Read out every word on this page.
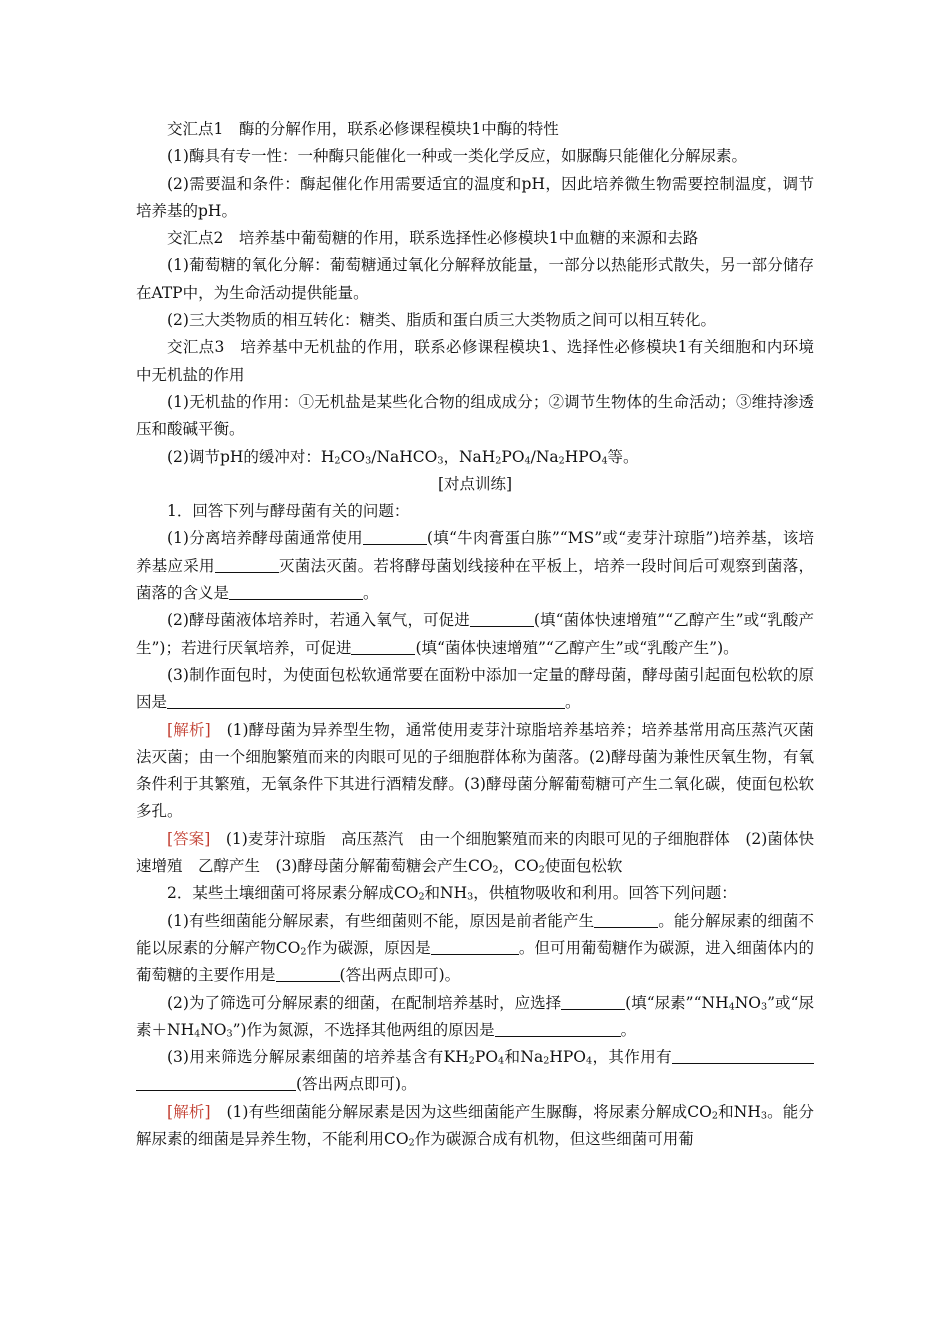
交汇点1　酶的分解作用，联系必修课程模块1中酶的特性

(1)酶具有专一性：一种酶只能催化一种或一类化学反应，如脲酶只能催化分解尿素。

(2)需要温和条件：酶起催化作用需要适宜的温度和pH，因此培养微生物需要控制温度，调节培养基的pH。

交汇点2　培养基中葡萄糖的作用，联系选择性必修模块1中血糖的来源和去路

(1)葡萄糖的氧化分解：葡萄糖通过氧化分解释放能量，一部分以热能形式散失，另一部分储存在ATP中，为生命活动提供能量。

(2)三大类物质的相互转化：糖类、脂质和蛋白质三大类物质之间可以相互转化。

交汇点3　培养基中无机盐的作用，联系必修课程模块1、选择性必修模块1有关细胞和内环境中无机盐的作用

(1)无机盐的作用：①无机盐是某些化合物的组成成分；②调节生物体的生命活动；③维持渗透压和酸碱平衡。

(2)调节pH的缓冲对：$H_2CO_3/NaHCO_3$，$NaH_2PO_4/Na_2HPO_4$等。

[对点训练]

1．回答下列与酵母菌有关的问题：

(1)分离培养酵母菌通常使用	(填“牛肉膏蛋白胨”“MS”或“麦芽汁琼脂”)培养基，该培养基应采用	灭菌法灭菌。若将酵母菌划线接种在平板上，培养一段时间后可观察到菌落，菌落的含义是	。

(2)酵母菌液体培养时，若通入氧气，可促进	(填“菌体快速增殖”“乙醇产生”或“乳酸产生”)；若进行厌氧培养，可促进	(填“菌体快速增殖”“乙醇产生”或“乳酸产生”)。

(3)制作面包时，为使面包松软通常要在面粉中添加一定量的酵母菌，酵母菌引起面包松软的原因是	。

[解析]　(1)酵母菌为异养型生物，通常使用麦芽汁琼脂培养基培养；培养基常用高压蒸汽灭菌法灭菌；由一个细胞繁殖而来的肉眼可见的子细胞群体称为菌落。(2)酵母菌为兼性厌氧生物，有氧条件利于其繁殖，无氧条件下其进行酒精发酵。(3)酵母菌分解葡萄糖可产生二氧化碳，使面包松软多孔。

[答案]　(1)麦芽汁琼脂　高压蒸汽　由一个细胞繁殖而来的肉眼可见的子细胞群体　(2)菌体快速增殖　乙醇产生　(3)酵母菌分解葡萄糖会产生$CO_2$，$CO_2$使面包松软

2．某些土壤细菌可将尿素分解成$CO_2$和$NH_3$，供植物吸收和利用。回答下列问题：

(1)有些细菌能分解尿素，有些细菌则不能，原因是前者能产生	。能分解尿素的细菌不能以尿素的分解产物$CO_2$作为碳源，原因是	。但可用葡萄糖作为碳源，进入细菌体内的葡萄糖的主要作用是	(答出两点即可)。

(2)为了筛选可分解尿素的细菌，在配制培养基时，应选择	(填“尿素$”“NH_4NO_3$”或“尿素$+NH_4NO_3$”)作为氮源，不选择其他两组的原因是	。

(3)用来筛选分解尿素细菌的培养基含有$KH_2PO_4$和$Na_2HPO_4$，其作用有(答出两点即可)。

[解析]　(1)有些细菌能分解尿素是因为这些细菌能产生脲酶，将尿素分解成$CO_2$和$NH_3$。能分解尿素的细菌是异养生物，不能利用$CO_2$作为碳源合成有机物，但这些细菌可用葡
